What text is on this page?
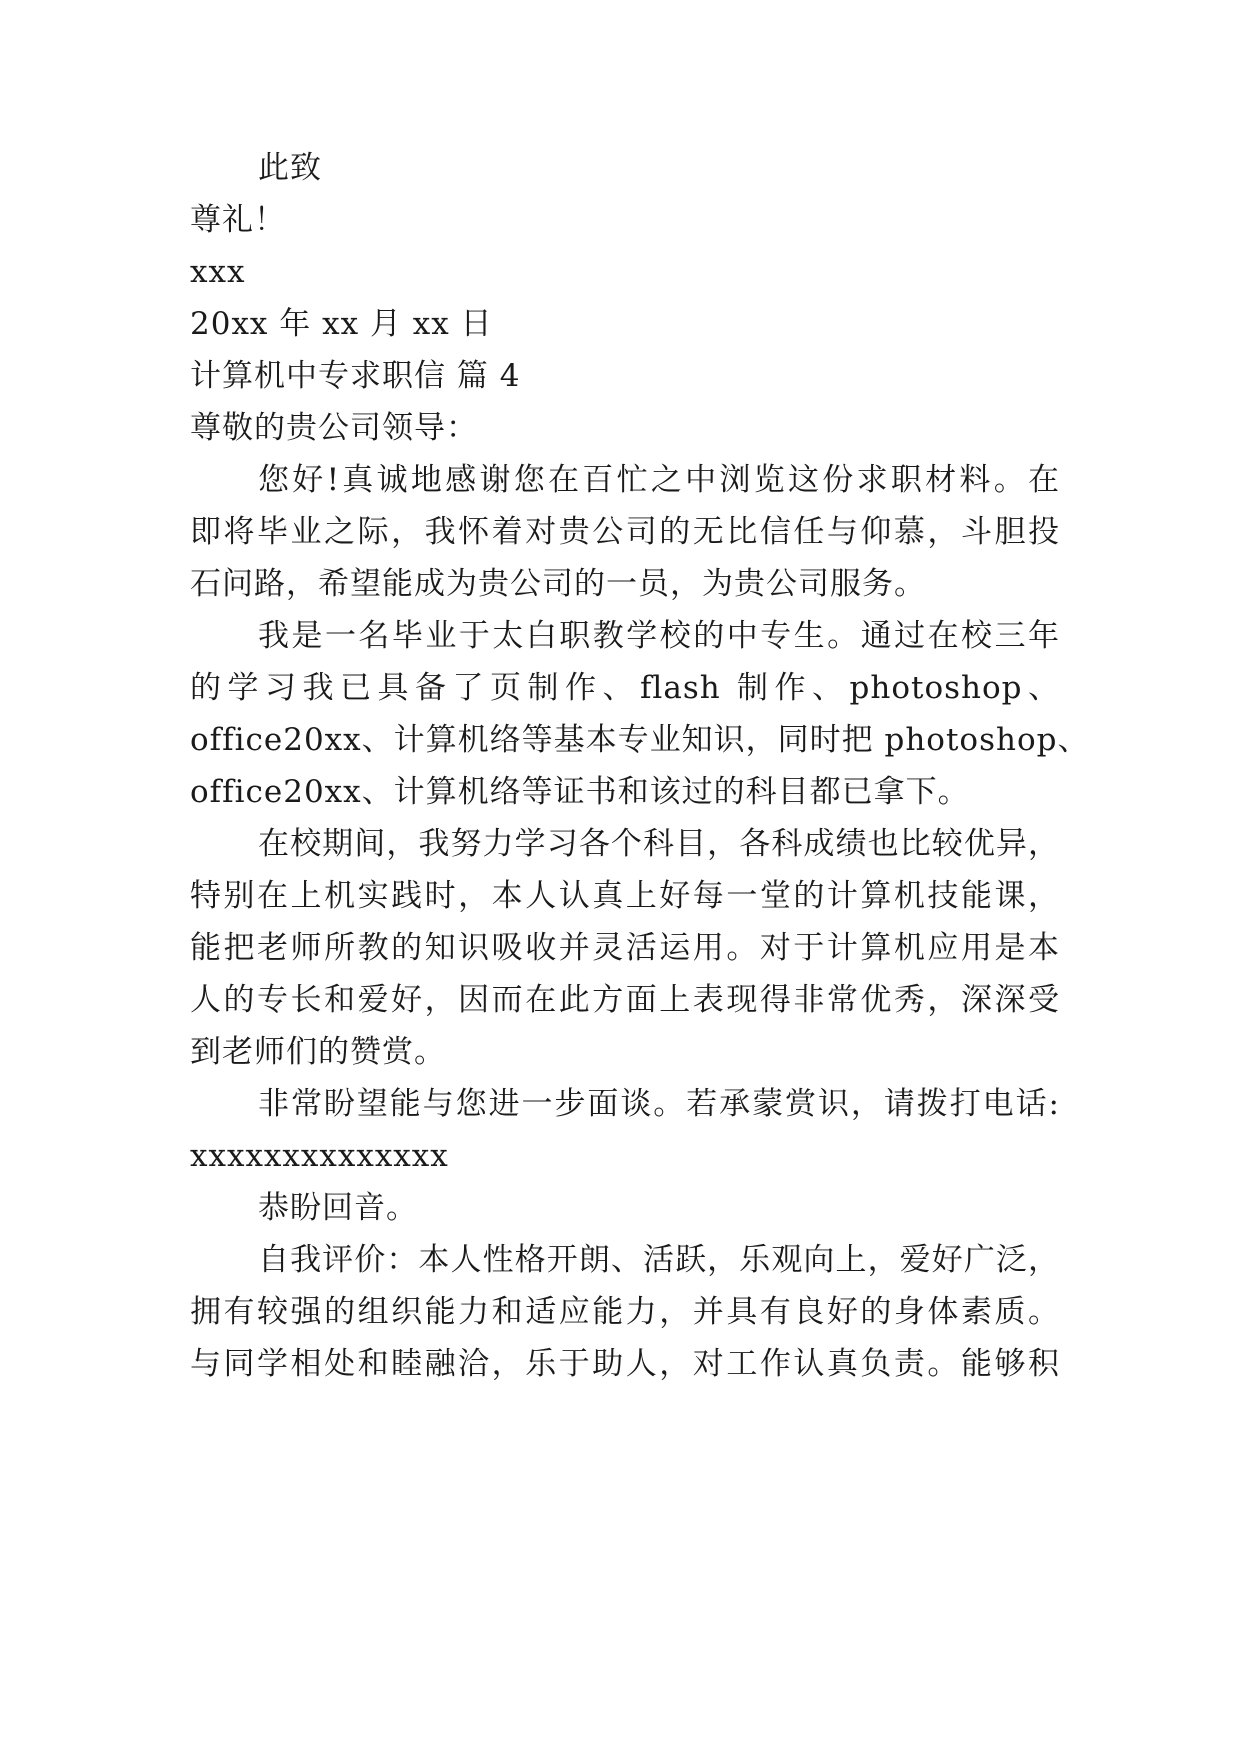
此致
尊礼！
xxx
20xx 年 xx 月 xx 日
计算机中专求职信 篇 4
尊敬的贵公司领导：
您好!真诚地感谢您在百忙之中浏览这份求职材料。在
即将毕业之际，我怀着对贵公司的无比信任与仰慕，斗胆投
石问路，希望能成为贵公司的一员，为贵公司服务。
我是一名毕业于太白职教学校的中专生。通过在校三年
的学习我已具备了页制作、flash 制作、photoshop、
office20xx、计算机络等基本专业知识，同时把 photoshop、
office20xx、计算机络等证书和该过的科目都已拿下。
在校期间，我努力学习各个科目，各科成绩也比较优异，
特别在上机实践时，本人认真上好每一堂的计算机技能课，
能把老师所教的知识吸收并灵活运用。对于计算机应用是本
人的专长和爱好，因而在此方面上表现得非常优秀，深深受
到老师们的赞赏。
非常盼望能与您进一步面谈。若承蒙赏识，请拨打电话:
xxxxxxxxxxxxxx
恭盼回音。
自我评价：本人性格开朗、活跃，乐观向上，爱好广泛，
拥有较强的组织能力和适应能力，并具有良好的身体素质。
与同学相处和睦融洽，乐于助人，对工作认真负责。能够积
